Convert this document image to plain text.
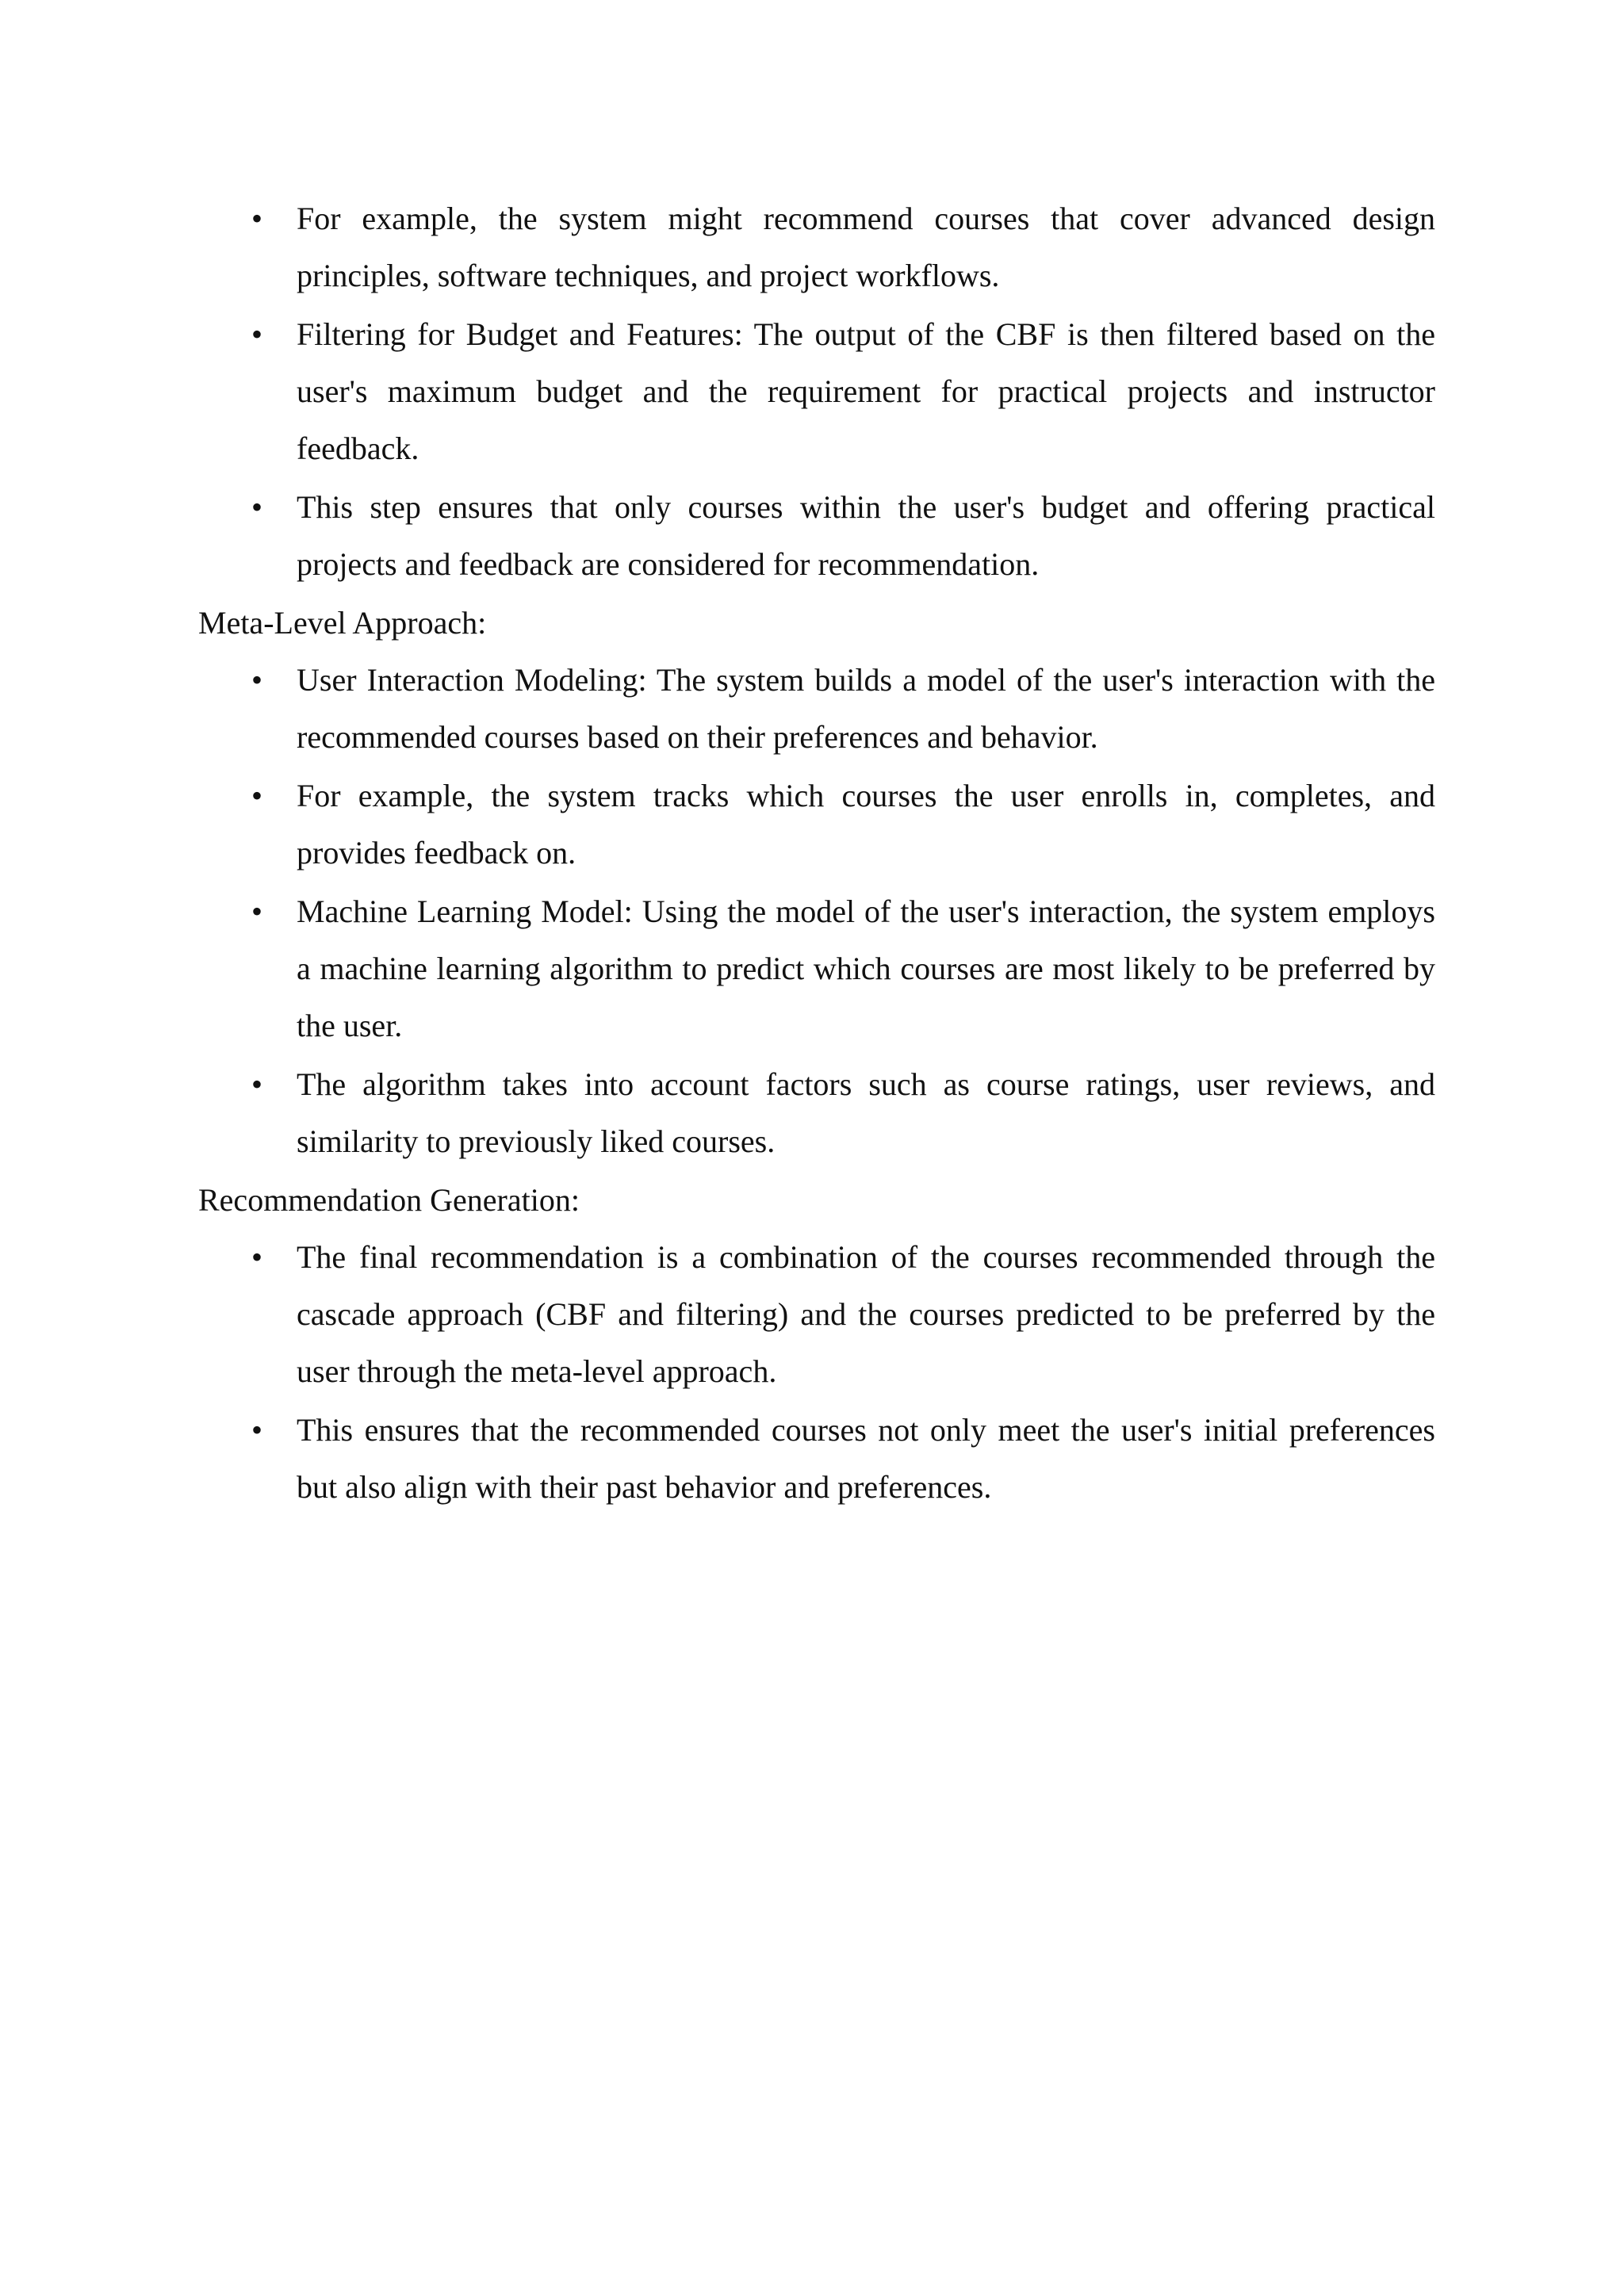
• For example, the system might recommend courses that cover advanced design principles, software techniques, and project workflows.
• Filtering for Budget and Features: The output of the CBF is then filtered based on the user's maximum budget and the requirement for practical projects and instructor feedback.
• This step ensures that only courses within the user's budget and offering practical projects and feedback are considered for recommendation.

Meta-Level Approach:

• User Interaction Modeling: The system builds a model of the user's interaction with the recommended courses based on their preferences and behavior.
• For example, the system tracks which courses the user enrolls in, completes, and provides feedback on.
• Machine Learning Model: Using the model of the user's interaction, the system employs a machine learning algorithm to predict which courses are most likely to be preferred by the user.
• The algorithm takes into account factors such as course ratings, user reviews, and similarity to previously liked courses.

Recommendation Generation:

• The final recommendation is a combination of the courses recommended through the cascade approach (CBF and filtering) and the courses predicted to be preferred by the user through the meta-level approach.
• This ensures that the recommended courses not only meet the user's initial preferences but also align with their past behavior and preferences.
